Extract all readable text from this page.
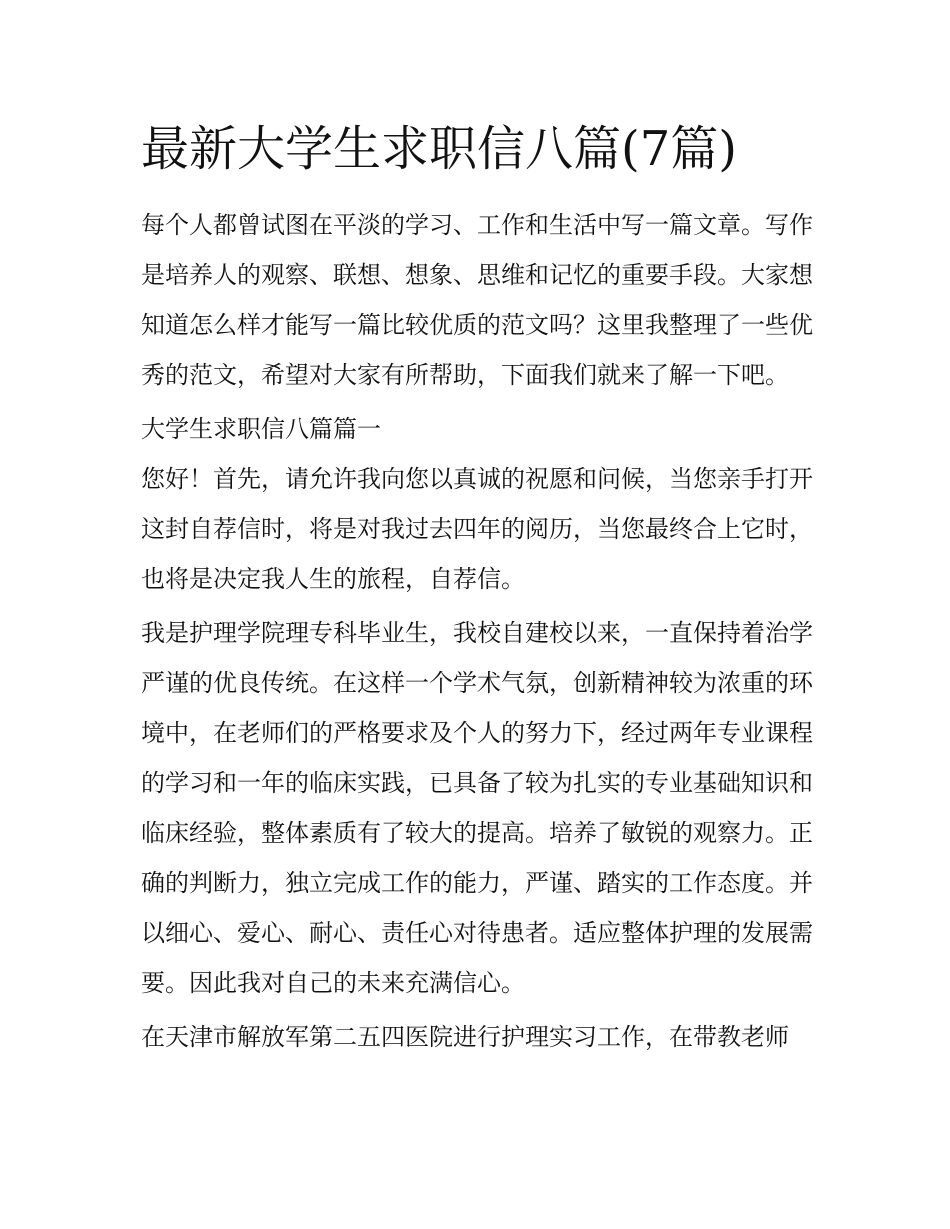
最新大学生求职信八篇(7篇)

每个人都曾试图在平淡的学习、工作和生活中写一篇文章。写作是培养人的观察、联想、想象、思维和记忆的重要手段。大家想知道怎么样才能写一篇比较优质的范文吗？这里我整理了一些优秀的范文，希望对大家有所帮助，下面我们就来了解一下吧。

大学生求职信八篇篇一

您好！首先，请允许我向您以真诚的祝愿和问候，当您亲手打开这封自荐信时，将是对我过去四年的阅历，当您最终合上它时，也将是决定我人生的旅程，自荐信。

我是护理学院理专科毕业生，我校自建校以来，一直保持着治学严谨的优良传统。在这样一个学术气氛，创新精神较为浓重的环境中，在老师们的严格要求及个人的努力下，经过两年专业课程的学习和一年的临床实践，已具备了较为扎实的专业基础知识和临床经验，整体素质有了较大的提高。培养了敏锐的观察力。正确的判断力，独立完成工作的能力，严谨、踏实的工作态度。并以细心、爱心、耐心、责任心对待患者。适应整体护理的发展需要。因此我对自己的未来充满信心。

在天津市解放军第二五四医院进行护理实习工作，在带教老师
